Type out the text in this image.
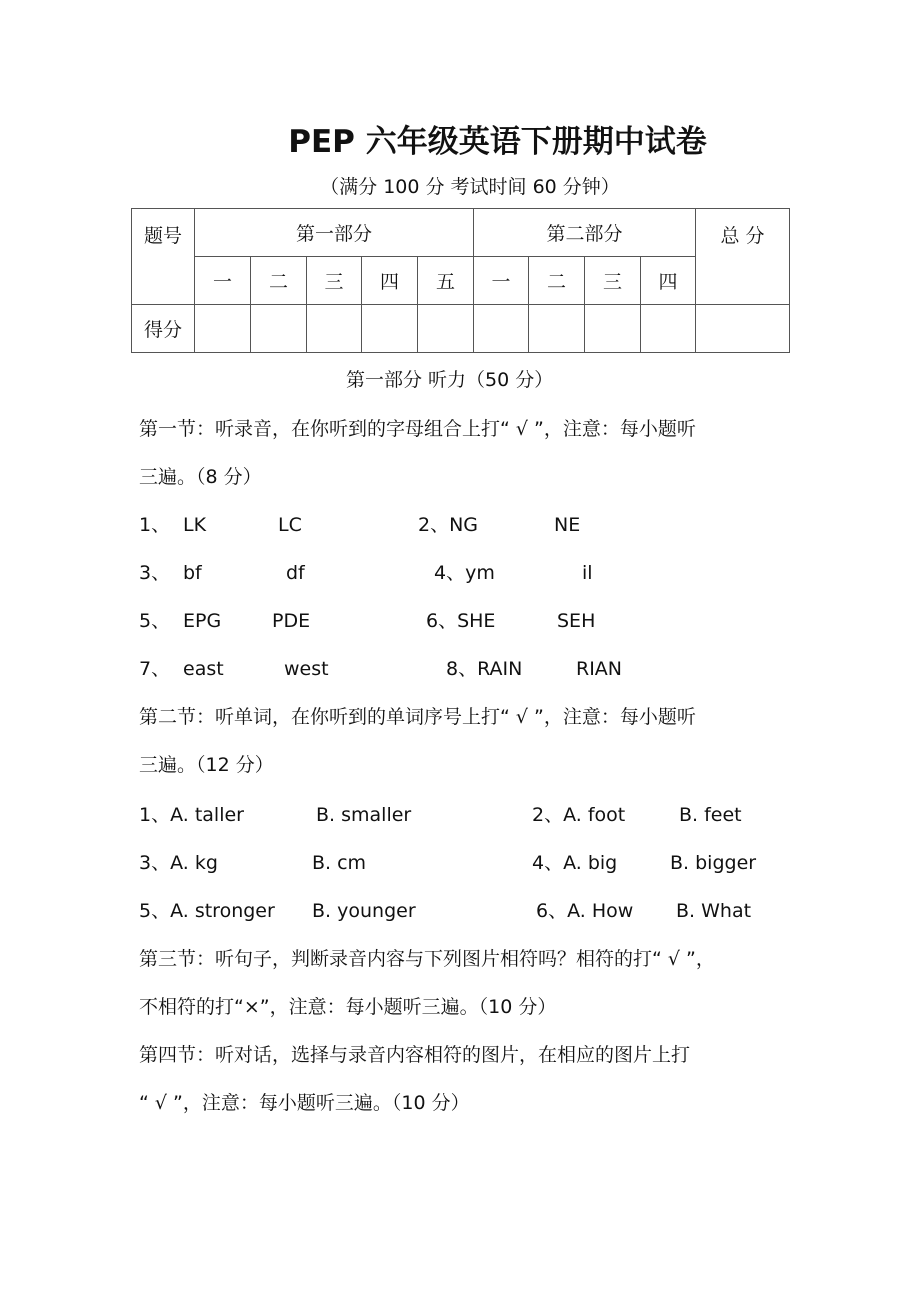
PEP 六年级英语下册期中试卷
（满分 100 分 考试时间 60 分钟）
题号	第一部分					第二部分				总 分
	一	二	三	四	五	一	二	三	四	
得分										
第一部分 听力（50 分）
第一节：听录音，在你听到的字母组合上打“ √ ”，注意：每小题听
三遍。（8 分）
1、 LK	LC	2、NG	NE
3、 bf	df	4、ym	il
5、 EPG	PDE	6、SHE	SEH
7、 east	west	8、RAIN	RIAN
第二节：听单词，在你听到的单词序号上打“ √ ”，注意：每小题听
三遍。（12 分）
1、A. taller	B. smaller	2、A. foot	B. feet
3、A. kg	B. cm	4、A. big	B. bigger
5、A. stronger B. younger	6、A. How B. What
第三节：听句子，判断录音内容与下列图片相符吗？相符的打“ √ ”，
不相符的打“×”，注意：每小题听三遍。（10 分）
第四节：听对话，选择与录音内容相符的图片，在相应的图片上打
“ √ ”，注意：每小题听三遍。（10 分）
